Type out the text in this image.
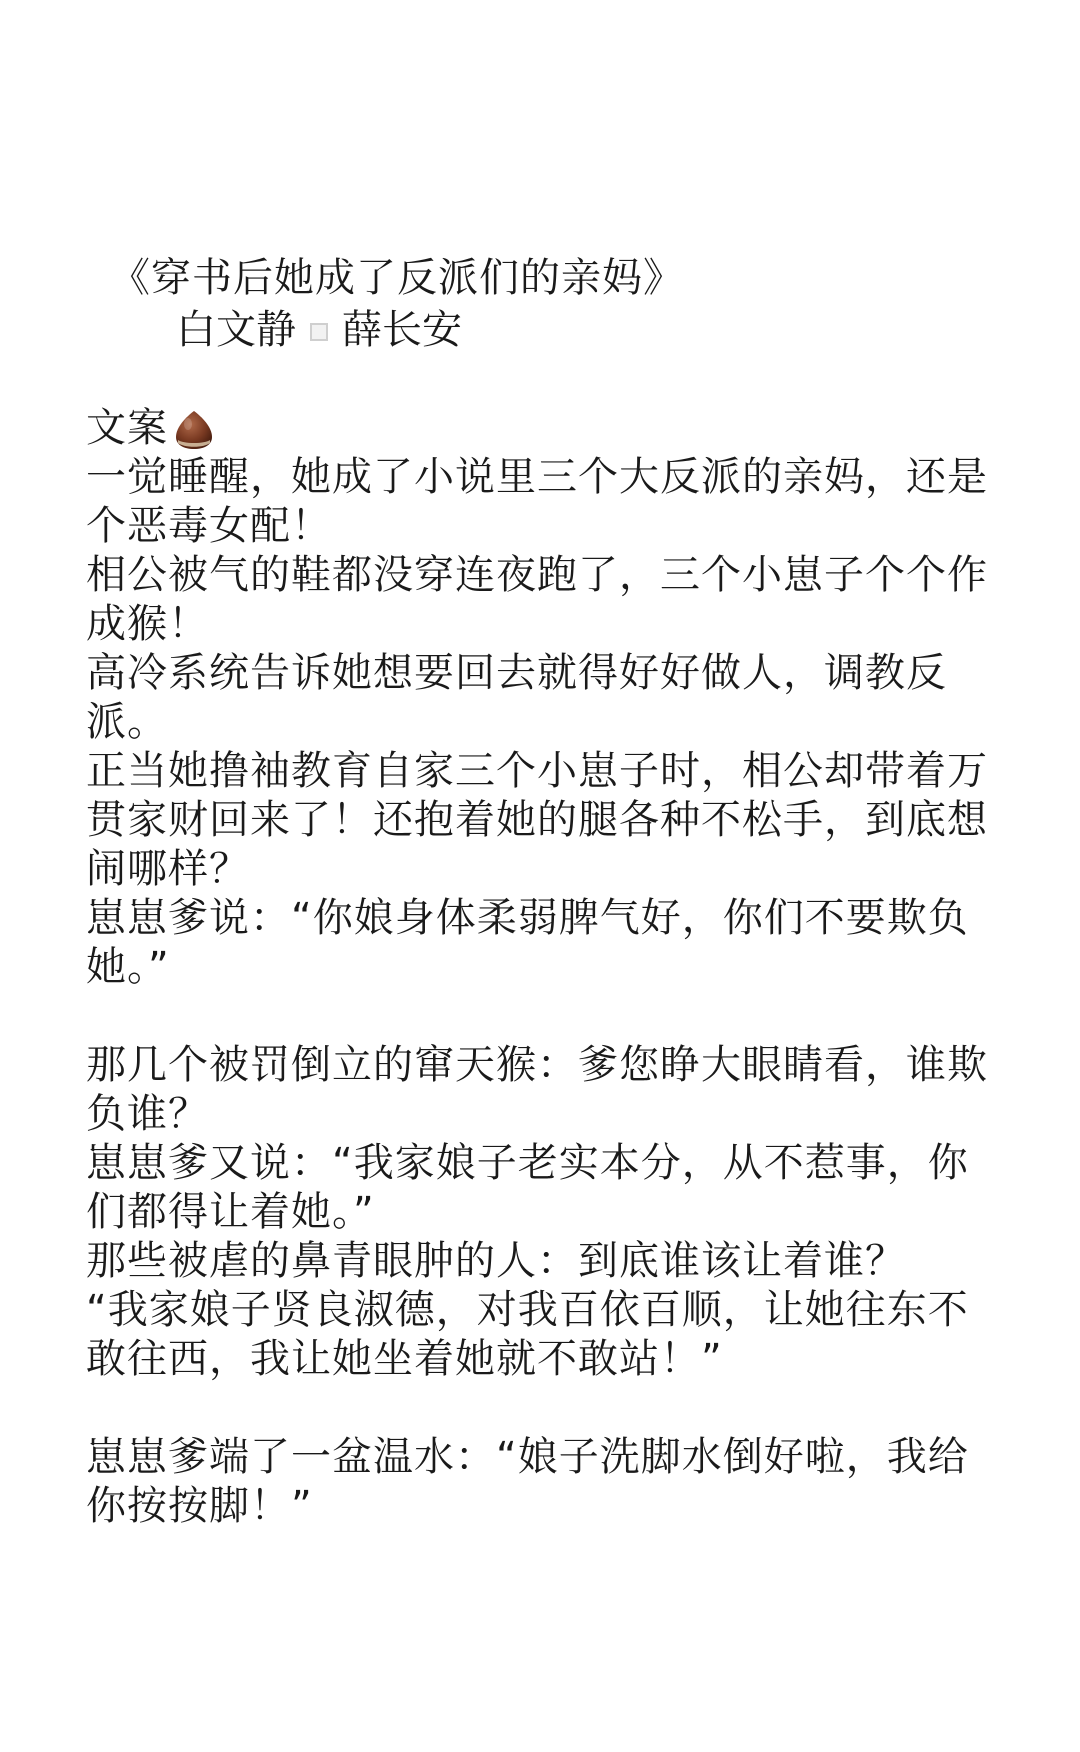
《穿书后她成了反派们的亲妈》
白文静 薛长安
文案

一觉睡醒，她成了小说里三个大反派的亲妈，还是个恶毒女配！

相公被气的鞋都没穿连夜跑了，三个小崽子个个作成猴！

高冷系统告诉她想要回去就得好好做人，调教反派。

正当她撸袖教育自家三个小崽子时，相公却带着万贯家财回来了！还抱着她的腿各种不松手，到底想闹哪样？

崽崽爹说：“你娘身体柔弱脾气好，你们不要欺负她。”

那几个被罚倒立的窜天猴：爹您睁大眼睛看，谁欺负谁？

崽崽爹又说：“我家娘子老实本分，从不惹事，你们都得让着她。”

那些被虐的鼻青眼肿的人：到底谁该让着谁？

“我家娘子贤良淑德，对我百依百顺，让她往东不敢往西，我让她坐着她就不敢站！”

崽崽爹端了一盆温水：“娘子洗脚水倒好啦，我给你按按脚！”
